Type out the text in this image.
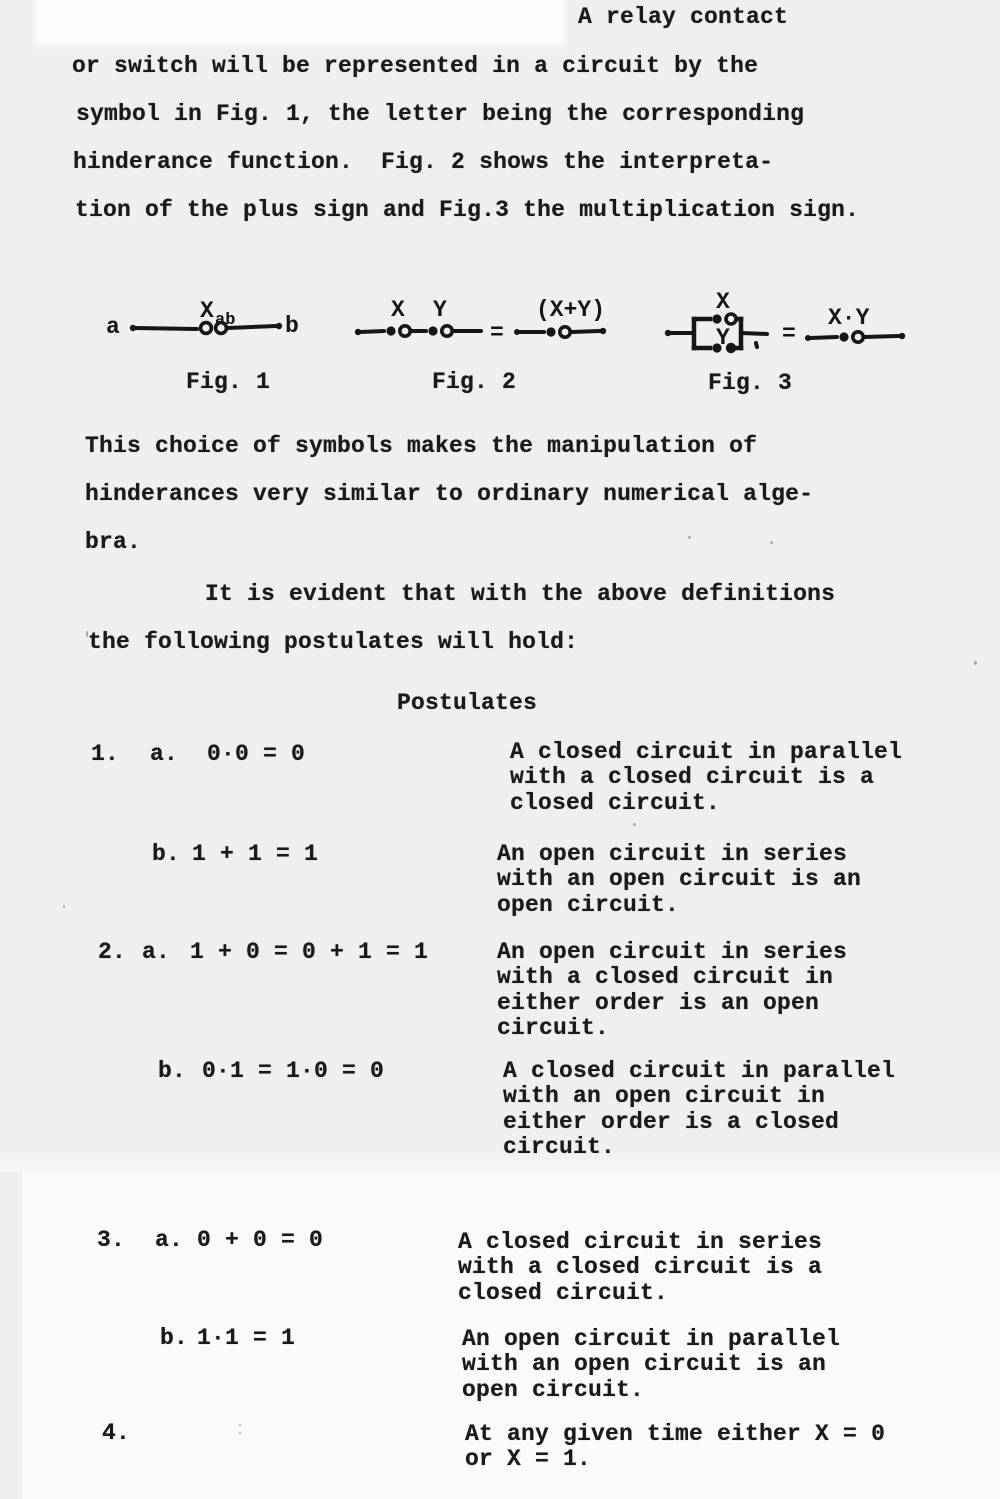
A relay contact
or switch will be represented in a circuit by the
symbol in Fig. 1, the letter being the corresponding
hinderance function.  Fig. 2 shows the interpreta-
tion of the plus sign and Fig.3 the multiplication sign.
a	b
X ab	X Y
=
(X+Y)	X
Y =
X·Y
Fig. 1	Fig. 2	Fig. 3
This choice of symbols makes the manipulation of
hinderances very similar to ordinary numerical alge-
bra.
It is evident that with the above definitions
the following postulates will hold:
Postulates
1. a. 0·0 = 0	A closed circuit in parallel
with a closed circuit is a
closed circuit.
b. 1 + 1 = 1	An open circuit in series
with an open circuit is an
open circuit.
2. a. 1 + 0 = 0 + 1 = 1	An open circuit in series
with a closed circuit in
either order is an open
circuit.
b. 0·1 = 1·0 = 0	A closed circuit in parallel
with an open circuit in
either order is a closed
circuit.
3. a. 0 + 0 = 0	A closed circuit in series
with a closed circuit is a
closed circuit.
b. 1·1 = 1	An open circuit in parallel
with an open circuit is an
open circuit.
4.	At any given time either X = 0
or X = 1.
